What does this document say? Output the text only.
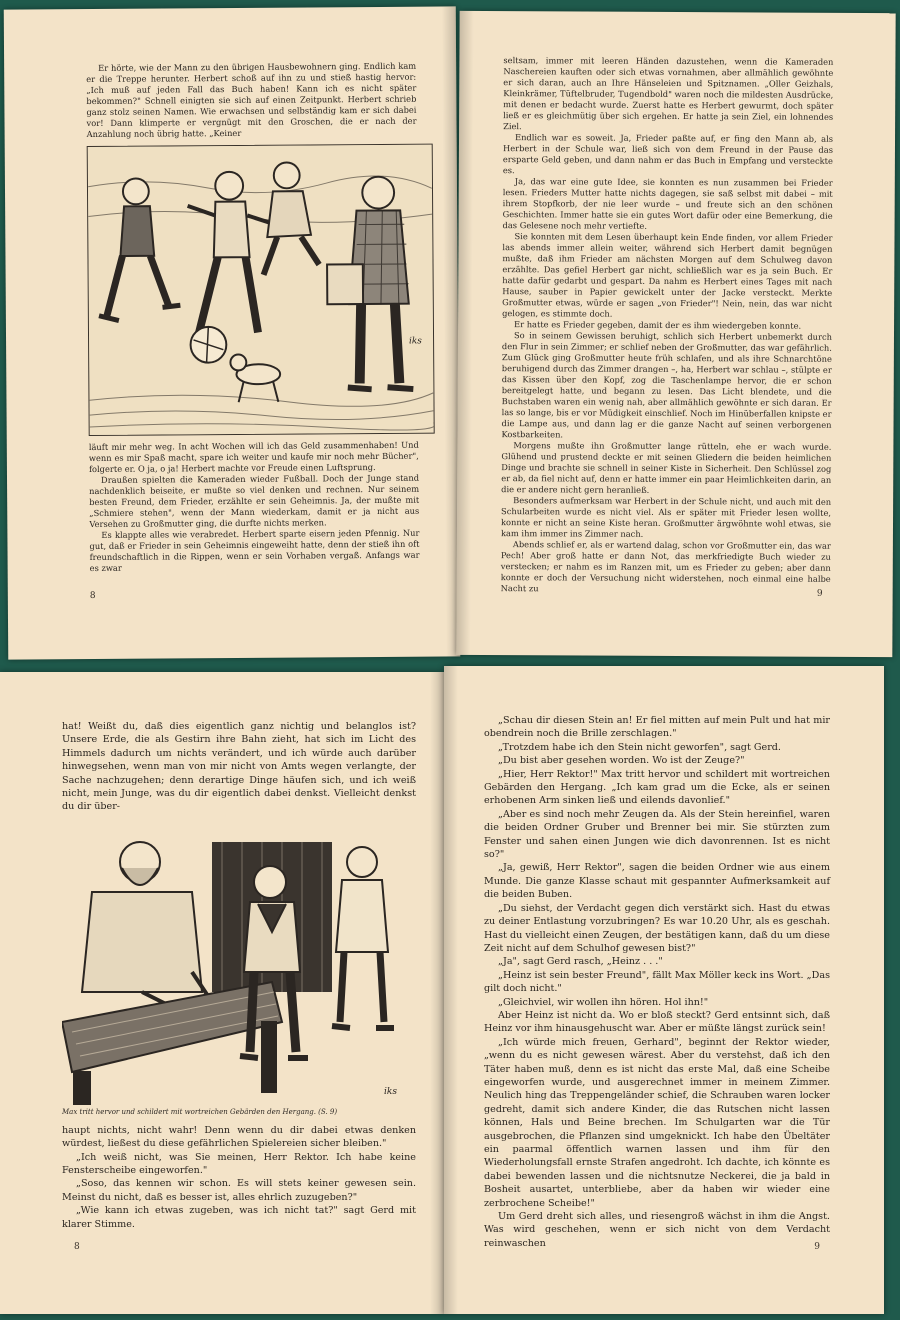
Er hörte, wie der Mann zu den übrigen Hausbewohnern ging. Endlich kam er die Treppe herunter. Herbert schoß auf ihn zu und stieß hastig hervor: „Ich muß auf jeden Fall das Buch haben! Kann ich es nicht später bekommen?" Schnell einigten sie sich auf einen Zeitpunkt. Herbert schrieb ganz stolz seinen Namen. Wie erwachsen und selbständig kam er sich dabei vor! Dann klimperte er vergnügt mit den Groschen, die er nach der Anzahlung noch übrig hatte. „Keiner

iks

läuft mir mehr weg. In acht Wochen will ich das Geld zusammenhaben! Und wenn es mir Spaß macht, spare ich weiter und kaufe mir noch mehr Bücher", folgerte er. O ja, o ja! Herbert machte vor Freude einen Luftsprung.

Draußen spielten die Kameraden wieder Fußball. Doch der Junge stand nachdenklich beiseite, er mußte so viel denken und rechnen. Nur seinem besten Freund, dem Frieder, erzählte er sein Geheimnis. Ja, der mußte mit „Schmiere stehen", wenn der Mann wiederkam, damit er ja nicht aus Versehen zu Großmutter ging, die durfte nichts merken.

Es klappte alles wie verabredet. Herbert sparte eisern jeden Pfennig. Nur gut, daß er Frieder in sein Geheimnis eingeweiht hatte, denn der stieß ihn oft freundschaftlich in die Rippen, wenn er sein Vorhaben vergaß. Anfangs war es zwar

8

seltsam, immer mit leeren Händen dazustehen, wenn die Kameraden Naschereien kauften oder sich etwas vornahmen, aber allmählich gewöhnte er sich daran, auch an Ihre Hänseleien und Spitznamen. „Oller Geizhals, Kleinkrämer, Tüftelbruder, Tugendbold" waren noch die mildesten Ausdrücke, mit denen er bedacht wurde. Zuerst hatte es Herbert gewurmt, doch später ließ er es gleichmütig über sich ergehen. Er hatte ja sein Ziel, ein lohnendes Ziel.

Endlich war es soweit. Ja, Frieder paßte auf, er fing den Mann ab, als Herbert in der Schule war, ließ sich von dem Freund in der Pause das ersparte Geld geben, und dann nahm er das Buch in Empfang und versteckte es.

Ja, das war eine gute Idee, sie konnten es nun zusammen bei Frieder lesen. Frieders Mutter hatte nichts dagegen, sie saß selbst mit dabei – mit ihrem Stopfkorb, der nie leer wurde – und freute sich an den schönen Geschichten. Immer hatte sie ein gutes Wort dafür oder eine Bemerkung, die das Gelesene noch mehr vertiefte.

Sie konnten mit dem Lesen überhaupt kein Ende finden, vor allem Frieder las abends immer allein weiter, während sich Herbert damit begnügen mußte, daß ihm Frieder am nächsten Morgen auf dem Schulweg davon erzählte. Das gefiel Herbert gar nicht, schließlich war es ja sein Buch. Er hatte dafür gedarbt und gespart. Da nahm es Herbert eines Tages mit nach Hause, sauber in Papier gewickelt unter der Jacke versteckt. Merkte Großmutter etwas, würde er sagen „von Frieder"! Nein, nein, das war nicht gelogen, es stimmte doch.

Er hatte es Frieder gegeben, damit der es ihm wiedergeben konnte.

So in seinem Gewissen beruhigt, schlich sich Herbert unbemerkt durch den Flur in sein Zimmer; er schlief neben der Großmutter, das war gefährlich. Zum Glück ging Großmutter heute früh schlafen, und als ihre Schnarchtöne beruhigend durch das Zimmer drangen –, ha, Herbert war schlau –, stülpte er das Kissen über den Kopf, zog die Taschenlampe hervor, die er schon bereitgelegt hatte, und begann zu lesen. Das Licht blendete, und die Buchstaben waren ein wenig nah, aber allmählich gewöhnte er sich daran. Er las so lange, bis er vor Müdigkeit einschlief. Noch im Hinüberfallen knipste er die Lampe aus, und dann lag er die ganze Nacht auf seinen verborgenen Kostbarkeiten.

Morgens mußte ihn Großmutter lange rütteln, ehe er wach wurde. Glühend und prustend deckte er mit seinen Gliedern die beiden heimlichen Dinge und brachte sie schnell in seiner Kiste in Sicherheit. Den Schlüssel zog er ab, da fiel nicht auf, denn er hatte immer ein paar Heimlichkeiten darin, an die er andere nicht gern heranließ.

Besonders aufmerksam war Herbert in der Schule nicht, und auch mit den Schularbeiten wurde es nicht viel. Als er später mit Frieder lesen wollte, konnte er nicht an seine Kiste heran. Großmutter ärgwöhnte wohl etwas, sie kam ihm immer ins Zimmer nach.

Abends schlief er, als er wartend dalag, schon vor Großmutter ein, das war Pech! Aber groß hatte er dann Not, das merkfriedigte Buch wieder zu verstecken; er nahm es im Ranzen mit, um es Frieder zu geben; aber dann konnte er doch der Versuchung nicht widerstehen, noch einmal eine halbe Nacht zu

9

hat! Weißt du, daß dies eigentlich ganz nichtig und belanglos ist? Unsere Erde, die als Gestirn ihre Bahn zieht, hat sich im Licht des Himmels dadurch um nichts verändert, und ich würde auch darüber hinwegsehen, wenn man von mir nicht von Amts wegen verlangte, der Sache nachzugehen; denn derartige Dinge häufen sich, und ich weiß nicht, mein Junge, was du dir eigentlich dabei denkst. Vielleicht denkst du dir über-

iks
Max tritt hervor und schildert mit wortreichen Gebärden den Hergang. (S. 9)

haupt nichts, nicht wahr! Denn wenn du dir dabei etwas denken würdest, ließest du diese gefährlichen Spielereien sicher bleiben."

„Ich weiß nicht, was Sie meinen, Herr Rektor. Ich habe keine Fensterscheibe eingeworfen."

„Soso, das kennen wir schon. Es will stets keiner gewesen sein. Meinst du nicht, daß es besser ist, alles ehrlich zuzugeben?"

„Wie kann ich etwas zugeben, was ich nicht tat?" sagt Gerd mit klarer Stimme.

8

„Schau dir diesen Stein an! Er fiel mitten auf mein Pult und hat mir obendrein noch die Brille zerschlagen."

„Trotzdem habe ich den Stein nicht geworfen", sagt Gerd.

„Du bist aber gesehen worden. Wo ist der Zeuge?"

„Hier, Herr Rektor!" Max tritt hervor und schildert mit wortreichen Gebärden den Hergang. „Ich kam grad um die Ecke, als er seinen erhobenen Arm sinken ließ und eilends davonlief."

„Aber es sind noch mehr Zeugen da. Als der Stein hereinfiel, waren die beiden Ordner Gruber und Brenner bei mir. Sie stürzten zum Fenster und sahen einen Jungen wie dich davonrennen. Ist es nicht so?"

„Ja, gewiß, Herr Rektor", sagen die beiden Ordner wie aus einem Munde. Die ganze Klasse schaut mit gespannter Aufmerksamkeit auf die beiden Buben.

„Du siehst, der Verdacht gegen dich verstärkt sich. Hast du etwas zu deiner Entlastung vorzubringen? Es war 10.20 Uhr, als es geschah. Hast du vielleicht einen Zeugen, der bestätigen kann, daß du um diese Zeit nicht auf dem Schulhof gewesen bist?"

„Ja", sagt Gerd rasch, „Heinz . . ."

„Heinz ist sein bester Freund", fällt Max Möller keck ins Wort. „Das gilt doch nicht."

„Gleichviel, wir wollen ihn hören. Hol ihn!"

Aber Heinz ist nicht da. Wo er bloß steckt? Gerd entsinnt sich, daß Heinz vor ihm hinausgehuscht war. Aber er müßte längst zurück sein!

„Ich würde mich freuen, Gerhard", beginnt der Rektor wieder, „wenn du es nicht gewesen wärest. Aber du verstehst, daß ich den Täter haben muß, denn es ist nicht das erste Mal, daß eine Scheibe eingeworfen wurde, und ausgerechnet immer in meinem Zimmer. Neulich hing das Treppengeländer schief, die Schrauben waren locker gedreht, damit sich andere Kinder, die das Rutschen nicht lassen können, Hals und Beine brechen. Im Schulgarten war die Tür ausgebrochen, die Pflanzen sind umgeknickt. Ich habe den Übeltäter ein paarmal öffentlich warnen lassen und ihm für den Wiederholungsfall ernste Strafen angedroht. Ich dachte, ich könnte es dabei bewenden lassen und die nichtsnutze Neckerei, die ja bald in Bosheit ausartet, unterbliebe, aber da haben wir wieder eine zerbrochene Scheibe!"

Um Gerd dreht sich alles, und riesengroß wächst in ihm die Angst. Was wird geschehen, wenn er sich nicht von dem Verdacht reinwaschen	9
